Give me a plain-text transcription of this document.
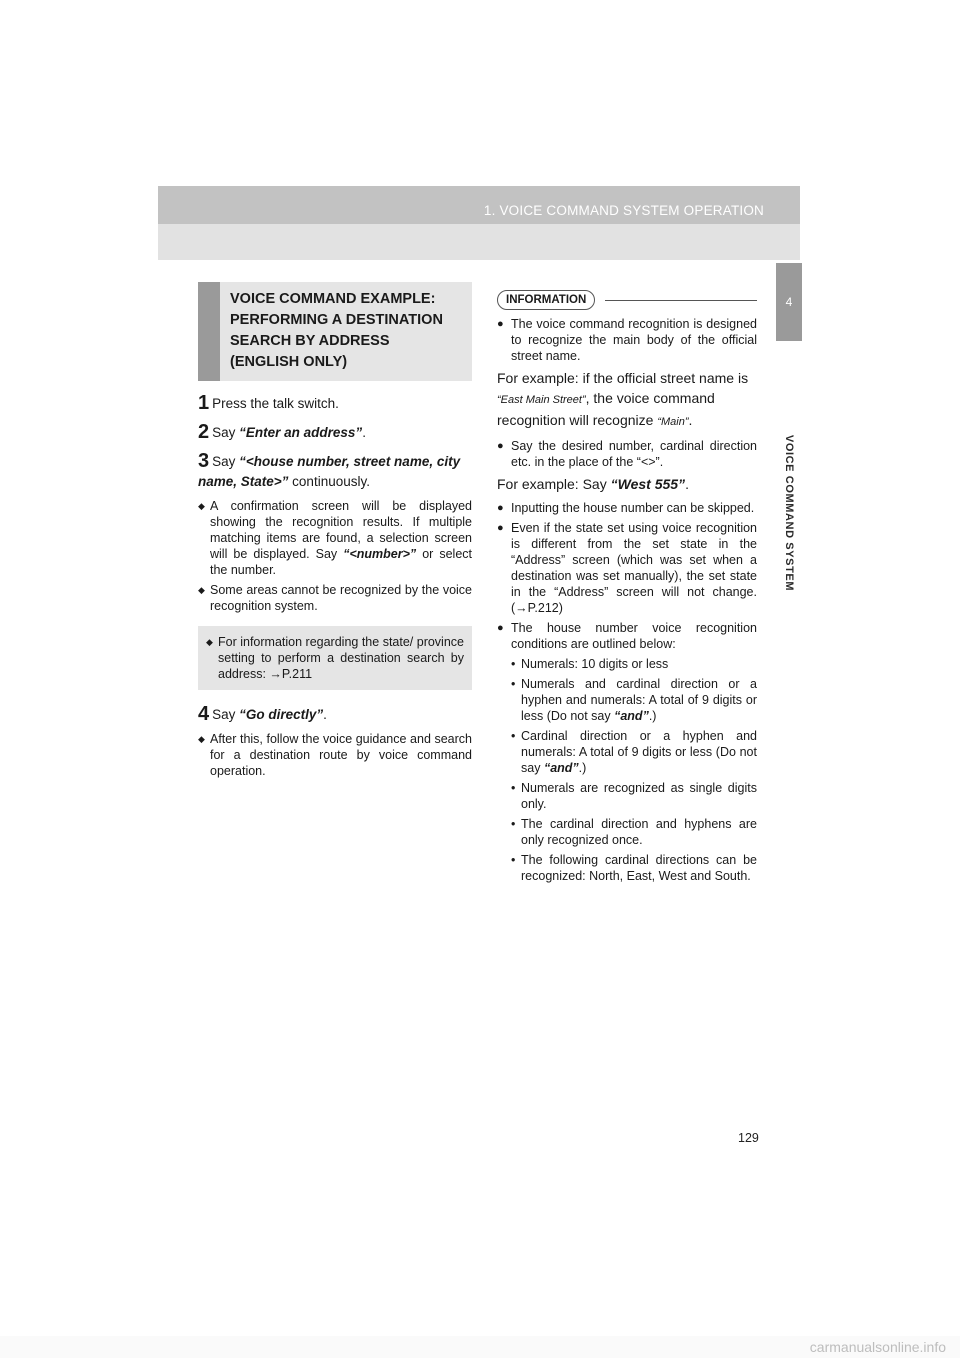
1. VOICE COMMAND SYSTEM OPERATION
4
VOICE COMMAND SYSTEM
VOICE COMMAND EXAMPLE:
PERFORMING A DESTINATION
SEARCH BY ADDRESS
(ENGLISH ONLY)
1 Press the talk switch.
2 Say “Enter an address”.
3 Say “<house number, street name, city name, State>” continuously.
◆ A confirmation screen will be displayed showing the recognition results. If multiple matching items are found, a selection screen will be displayed. Say “<number>” or select the number.
◆ Some areas cannot be recognized by the voice recognition system.
◆ For information regarding the state/ province setting to perform a destination search by address: →P.211
4 Say “Go directly”.
◆ After this, follow the voice guidance and search for a destination route by voice command operation.
INFORMATION
● The voice command recognition is designed to recognize the main body of the official street name.
For example: if the official street name is “East Main Street”, the voice command recognition will recognize “Main”.
● Say the desired number, cardinal direction etc. in the place of the “<>”.
For example: Say “West 555”.
● Inputting the house number can be skipped.
● Even if the state set using voice recognition is different from the set state in the “Address” screen (which was set when a destination was set manually), the set state in the “Address” screen will not change. (→P.212)
● The house number voice recognition conditions are outlined below:
• Numerals: 10 digits or less
• Numerals and cardinal direction or a hyphen and numerals: A total of 9 digits or less (Do not say “and”.)
• Cardinal direction or a hyphen and numerals: A total of 9 digits or less (Do not say “and”.)
• Numerals are recognized as single digits only.
• The cardinal direction and hyphens are only recognized once.
• The following cardinal directions can be recognized: North, East, West and South.
129
carmanualsonline.info
